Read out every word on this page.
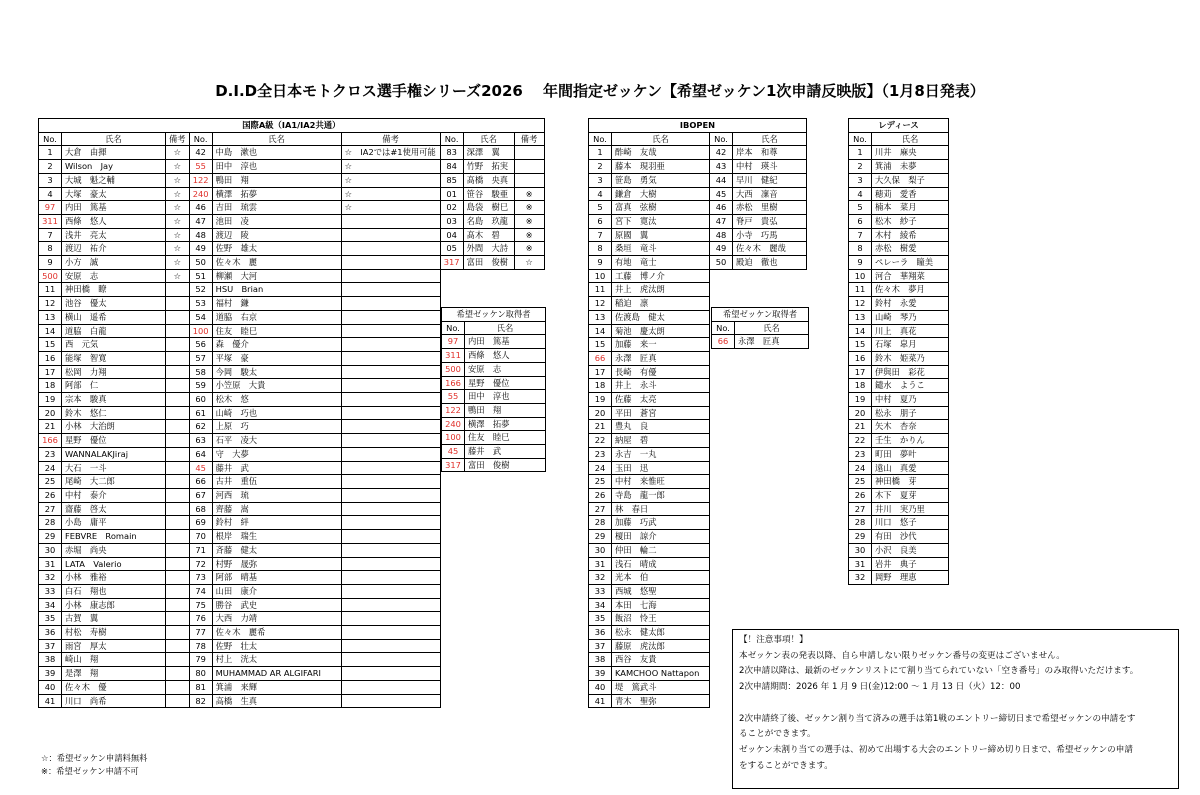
D.I.D全日本モトクロス選手権シリーズ2026　 年間指定ゼッケン【希望ゼッケン1次申請反映版】（1月8日発表）
国際A級（IA1/IA2共通）								
No.	氏名	備考	No.	氏名	備考	No.	氏名	備考
1	大倉　由揮	☆	42	中島　漱也	☆　IA2では#1使用可能	83	深澤　翼	
2	Wilson　Jay	☆	55	田中　淳也	☆	84	竹野　拓実	
3	大城　魁之輔	☆	122	鴨田　翔	☆	85	髙橋　央真	
4	大塚　豪太	☆	240	横澤　拓夢	☆	01	笹谷　駿亜	※
97	内田　篤基	☆	46	吉田　琉雲	☆	02	島袋　樹巳	※
311	西條　悠人	☆	47	池田　凌		03	名島　玖龍	※
7	浅井　亮太	☆	48	渡辺　陵		04	髙木　碧	※
8	渡辺　祐介	☆	49	佐野　雄太		05	外間　大詩	※
9	小方　誠	☆	50	佐々木　麗		317	富田　俊樹	☆
500	安原　志	☆	51	柳瀬　大河				
11	神田橋　瞭		52	HSU　Brian				
12	池谷　優太		53	福村　鎌				
13	横山　遥希		54	道脇　右京				
14	道脇　白龍		100	住友　睦巳				
15	西　元気		56	森　優介				
16	能塚　智寛		57	平塚　豪				
17	松岡　力翔		58	今岡　駿太				
18	阿部　仁		59	小笠原　大貴				
19	宗本　駿真		60	松木　悠				
20	鈴木　悠仁		61	山崎　巧也				
21	小林　大治朗		62	上原　巧				
166	星野　優位		63	石平　凌大				
23	WANNALAKJiraj		64	守　大夢				
24	大石　一斗		45	藤井　武				
25	尾崎　大二郎		66	古井　重伍				
26	中村　泰介		67	河西　琉				
27	齋藤　啓太		68	齊藤　嵩				
28	小島　庸平		69	鈴村　絆				
29	FEBVRE　Romain		70	根岸　瑞生				
30	赤堀　尚央		71	斉藤　健太				
31	LATA　Valerio		72	村野　晟弥				
32	小林　雅裕		73	阿部　晴基				
33	白石　翔也		74	山田　康介				
34	小林　康志郎		75	勝谷　武史				
35	古賀　翼		76	大西　力靖				
36	村松　寿樹		77	佐々木　麗希				
37	雨宮　厚太		78	佐野　壮太				
38	崎山　翔		79	村上　洸太				
39	是澤　翔		80	MUHAMMAD AR ALGIFARI				
40	佐々木　優		81	箕浦　来輝				
41	川口　尚希		82	高橋　生真				
希望ゼッケン取得者	
No.	氏名
97	内田　篤基
311	西條　悠人
500	安原　志
166	星野　優位
55	田中　淳也
122	鴨田　翔
240	横澤　拓夢
100	住友　睦巳
45	藤井　武
317	富田　俊樹
IBOPEN			
No.	氏名	No.	氏名
1	酢崎　友哉	42	岸本　和尊
2	藤本　現羽亜	43	中村　瑛斗
3	笹島　勇気	44	早川　健紀
4	鎌倉　大樹	45	大西　凜音
5	富真　弦樹	46	赤松　里樹
6	宮下　寛汰	47	脊戸　貴弘
7	原國　翼	48	小寺　巧馬
8	桑垣　竜斗	49	佐々木　麗哉
9	有地　竜士	50	殿迫　徹也
10	工藤　博ノ介		
11	井上　虎汰朗		
12	稲迫　凛		
13	佐渡島　健太		
14	菊池　慶太朗		
15	加藤　来一		
66	永澤　匠真		
17	長崎　有優		
18	井上　永斗		
19	佐藤　太亮		
20	平田　蒼宮		
21	豊丸　良		
22	納屋　碧		
23	永吉　一丸		
24	玉田　迅		
25	中村　来惟旺		
26	寺島　龍一郎		
27	林　春日		
28	加藤　巧武		
29	榎田　諒介		
30	仲田　輪二		
31	浅石　晴成		
32	光本　伯		
33	西城　悠聖		
34	本田　七海		
35	飯沼　怜王		
36	松永　健太郎		
37	藤原　虎汰郎		
38	西谷　友貴		
39	KAMCHOO Nattapon		
40	堤　篤武斗		
41	青木　聖弥		
希望ゼッケン取得者	
No.	氏名
66	永澤　匠真
レディース	
No.	氏名
1	川井　麻央
2	箕浦　未夢
3	大久保　梨子
4	穂苅　愛香
5	楠本　菜月
6	松木　紗子
7	木村　綾希
8	赤松　樹愛
9	ペレーラ　瞳美
10	河合　華翔菜
11	佐々木　夢月
12	鈴村　永愛
13	山崎　琴乃
14	川上　真花
15	石塚　皐月
16	鈴木　姫菜乃
17	伊與田　彩花
18	鑓水　ようこ
19	中村　夏乃
20	松永　朋子
21	矢木　杏奈
22	壬生　かりん
23	町田　夢叶
24	遠山　真愛
25	神田橋　芽
26	木下　夏芽
27	井川　実乃里
28	川口　悠子
29	有田　沙代
30	小沢　良美
31	岩井　典子
32	岡野　理恵
☆：希望ゼッケン申請料無料
※：希望ゼッケン申請不可
【！注意事項！】
本ゼッケン表の発表以降、自ら申請しない限りゼッケン番号の変更はございません。
2次申請以降は、最新のゼッケンリストにて割り当てられていない「空き番号」のみ取得いただけます。
2次申請期間：2026 年 1 月 9 日(金)12:00 ～ 1 月 13 日（火）12：00
2次申請終了後、ゼッケン割り当て済みの選手は第1戦のエントリー締切日まで希望ゼッケンの申請をす
ることができます。
ゼッケン未割り当ての選手は、初めて出場する大会のエントリー締め切り日まで、希望ゼッケンの申請
をすることができます。
